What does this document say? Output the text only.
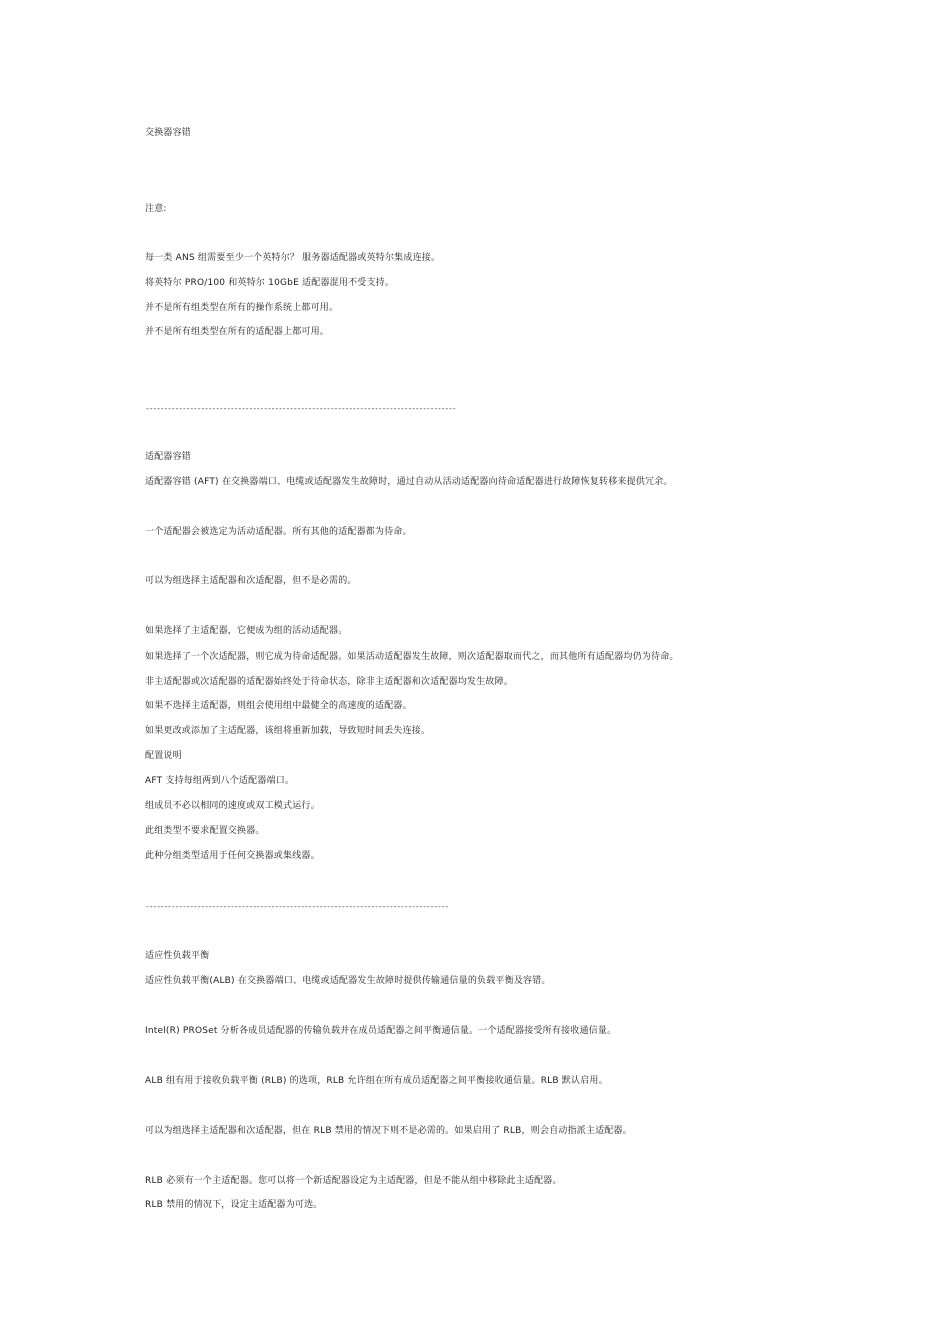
交换器容错
注意:
每一类 ANS 组需要至少一个英特尔？ 服务器适配器或英特尔集成连接。
将英特尔 PRO/100 和英特尔 10GbE 适配器混用不受支持。
并不是所有组类型在所有的操作系统上都可用。
并不是所有组类型在所有的适配器上都可用。
------------------------------------------------------------------------------------
适配器容错
适配器容错 (AFT) 在交换器端口、电缆或适配器发生故障时，通过自动从活动适配器向待命适配器进行故障恢复转移来提供冗余。
一个适配器会被选定为活动适配器。所有其他的适配器都为待命。
可以为组选择主适配器和次适配器，但不是必需的。
如果选择了主适配器，它便成为组的活动适配器。
如果选择了一个次适配器，则它成为待命适配器。如果活动适配器发生故障，则次适配器取而代之，而其他所有适配器均仍为待命。
非主适配器或次适配器的适配器始终处于待命状态，除非主适配器和次适配器均发生故障。
如果不选择主适配器，则组会使用组中最健全的高速度的适配器。
如果更改或添加了主适配器，该组将重新加载，导致短时间丢失连接。
配置说明
AFT 支持每组两到八个适配器端口。
组成员不必以相同的速度或双工模式运行。
此组类型不要求配置交换器。
此种分组类型适用于任何交换器或集线器。
----------------------------------------------------------------------------------
适应性负载平衡
适应性负载平衡(ALB) 在交换器端口、电缆或适配器发生故障时提供传输通信量的负载平衡及容错。
Intel(R) PROSet 分析各成员适配器的传输负载并在成员适配器之间平衡通信量。一个适配器接受所有接收通信量。
ALB 组有用于接收负载平衡 (RLB) 的选项，RLB 允许组在所有成员适配器之间平衡接收通信量。RLB 默认启用。
可以为组选择主适配器和次适配器，但在 RLB 禁用的情况下则不是必需的。如果启用了 RLB，则会自动指派主适配器。
RLB 必须有一个主适配器。您可以将一个新适配器设定为主适配器，但是不能从组中移除此主适配器。
RLB 禁用的情况下，设定主适配器为可选。
